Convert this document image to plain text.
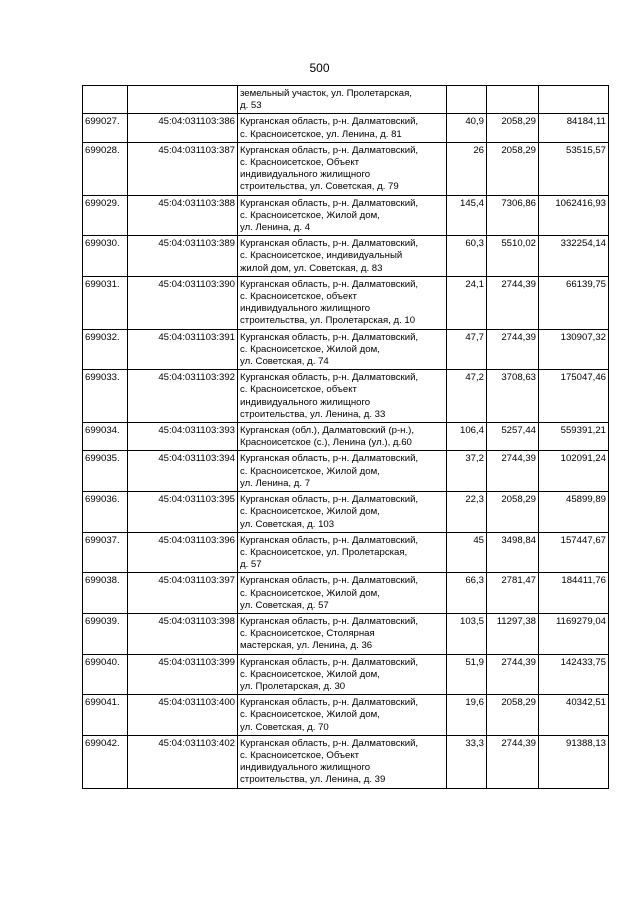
500

		земельный участок, ул. Пролетарская,
д. 53			

699027.	45:04:031103:386	Курганская область, р-н. Далматовский,
с. Красноисетское, ул. Ленина, д. 81	40,9	2058,29	84184,11
699028.	45:04:031103:387	Курганская область, р-н. Далматовский,
с. Красноисетское, Объект
индивидуального жилищного
строительства, ул. Советская, д. 79	26	2058,29	53515,57
699029.	45:04:031103:388	Курганская область, р-н. Далматовский,
с. Красноисетское, Жилой дом,
ул. Ленина, д. 4	145,4	7306,86	1062416,93
699030.	45:04:031103:389	Курганская область, р-н. Далматовский,
с. Красноисетское, индивидуальный
жилой дом, ул. Советская, д. 83	60,3	5510,02	332254,14
699031.	45:04:031103:390	Курганская область, р-н. Далматовский,
с. Красноисетское, объект
индивидуального жилищного
строительства, ул. Пролетарская, д. 10	24,1	2744,39	66139,75
699032.	45:04:031103:391	Курганская область, р-н. Далматовский,
с. Красноисетское, Жилой дом,
ул. Советская, д. 74	47,7	2744,39	130907,32
699033.	45:04:031103:392	Курганская область, р-н. Далматовский,
с. Красноисетское, объект
индивидуального жилищного
строительства, ул. Ленина, д. 33	47,2	3708,63	175047,46
699034.	45:04:031103:393	Курганская (обл.), Далматовский (р-н.),
Красноисетское (с.), Ленина (ул.), д.60	106,4	5257,44	559391,21
699035.	45:04:031103:394	Курганская область, р-н. Далматовский,
с. Красноисетское, Жилой дом,
ул. Ленина, д. 7	37,2	2744,39	102091,24
699036.	45:04:031103:395	Курганская область, р-н. Далматовский,
с. Красноисетское, Жилой дом,
ул. Советская, д. 103	22,3	2058,29	45899,89
699037.	45:04:031103:396	Курганская область, р-н. Далматовский,
с. Красноисетское, ул. Пролетарская,
д. 57	45	3498,84	157447,67
699038.	45:04:031103:397	Курганская область, р-н. Далматовский,
с. Красноисетское, Жилой дом,
ул. Советская, д. 57	66,3	2781,47	184411,76
699039.	45:04:031103:398	Курганская область, р-н. Далматовский,
с. Красноисетское, Столярная
мастерская, ул. Ленина, д. 36	103,5	11297,38	1169279,04
699040.	45:04:031103:399	Курганская область, р-н. Далматовский,
с. Красноисетское, Жилой дом,
ул. Пролетарская, д. 30	51,9	2744,39	142433,75
699041.	45:04:031103:400	Курганская область, р-н. Далматовский,
с. Красноисетское, Жилой дом,
ул. Советская, д. 70	19,6	2058,29	40342,51
699042.	45:04:031103:402	Курганская область, р-н. Далматовский,
с. Красноисетское, Объект
индивидуального жилищного
строительства, ул. Ленина, д. 39	33,3	2744,39	91388,13
